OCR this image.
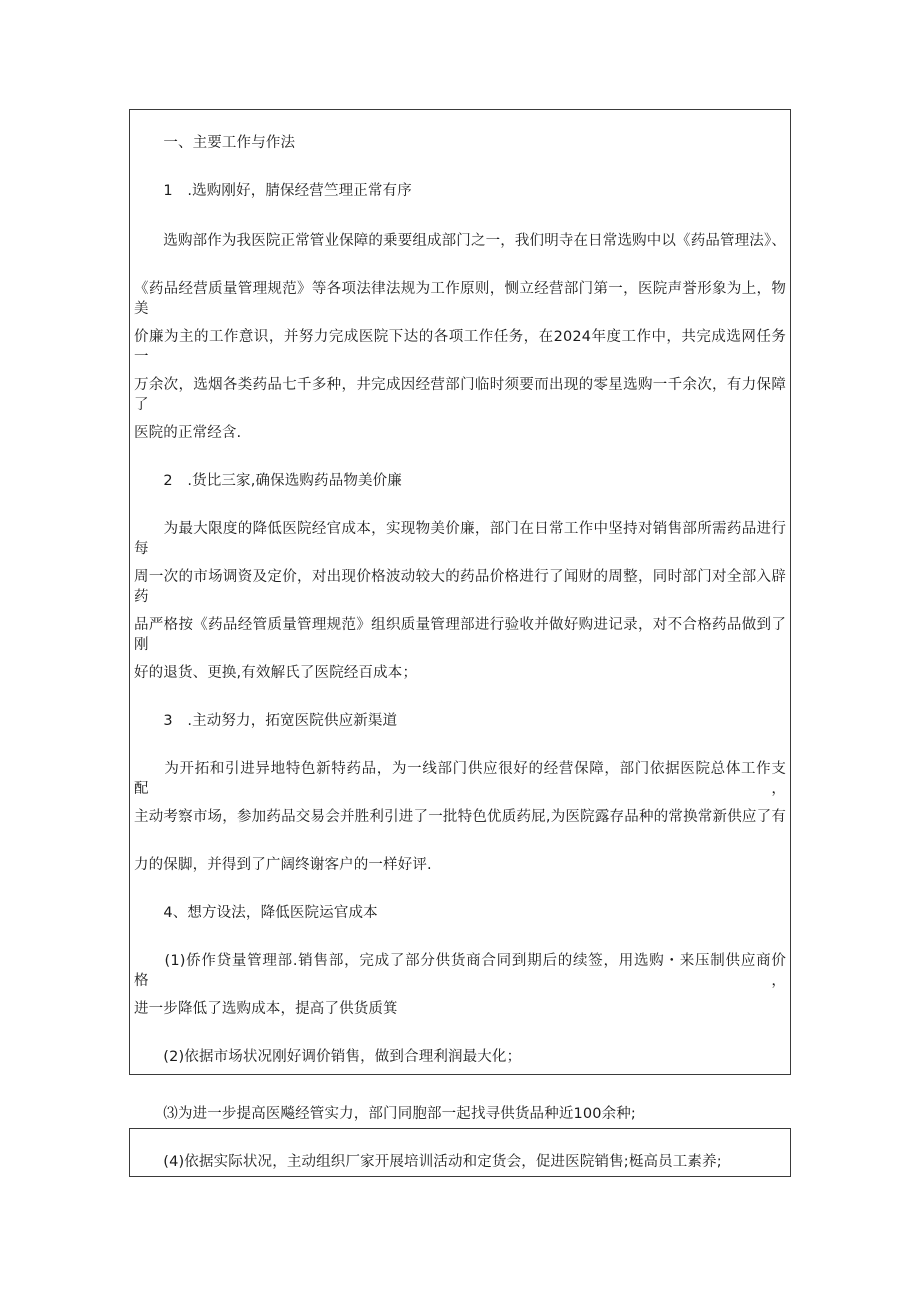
　　一、主要工作与作法
　　1　.选购刚好，腈保经营竺理正常有序
　　选购部作为我医院正常管业保障的乗要组成部门之一，我们明寺在日常选购中以《药品管理法》、
《药品经营质量管理规范》等各项法律法规为工作原则，恻立经营部门第一，医院声誉形象为上，物美
价廉为主的工作意识，并努力完成医院下达的各项工作任务，在2024年度工作中，共完成选网任务一
万余次，选烟各类药品七千多种，井完成因经营部门临时须要而出现的零星选购一千余次，有力保障了
医院的正常经含.
　　2　.货比三家,确保选购药品物美价廉
　　为最大限度的降低医院经官成本，实现物美价廉，部门在日常工作中坚持对销售部所需药品进行每
周一次的市场调资及定价，对出现价格波动较大的药品价格进行了闻财的周整，同时部门对全部入辟药
品严格按《药品经管质量管理规范》组织质量管理部进行验收并做好购进记录，对不合格药品做到了刚
好的退货、更换,有效解氏了医院经百成本；
　　3　.主动努力，拓宽医院供应新渠道
　　为开拓和引进异地特色新特药品，为一线部门供应很好的经营保障，部门依据医院总体工作支配，
主动考察市场，参加药品交易会并胜利引进了一批特色优质药屁,为医院露存品种的常换常新供应了有
力的保脚，并得到了广阔终谢客户的一样好评.
　　4、想方设法，降低医院运官成本
　　(1)侨作贷量管理部.销售部，完成了部分供货商合同到期后的续签，用选购・来压制供应商价格，
进一步降低了选购成本，提高了供货质箕
　　(2)依据市场状况刚好调价销售，做到合理利润最大化；
　　⑶为进一步提高医飚经管实力，部门同胞部一起找寻供货品种近100余种;
　　(4)依据实际状况，主动组织厂家开展培训活动和定货会，促进医院销售;梃高员工素养;
